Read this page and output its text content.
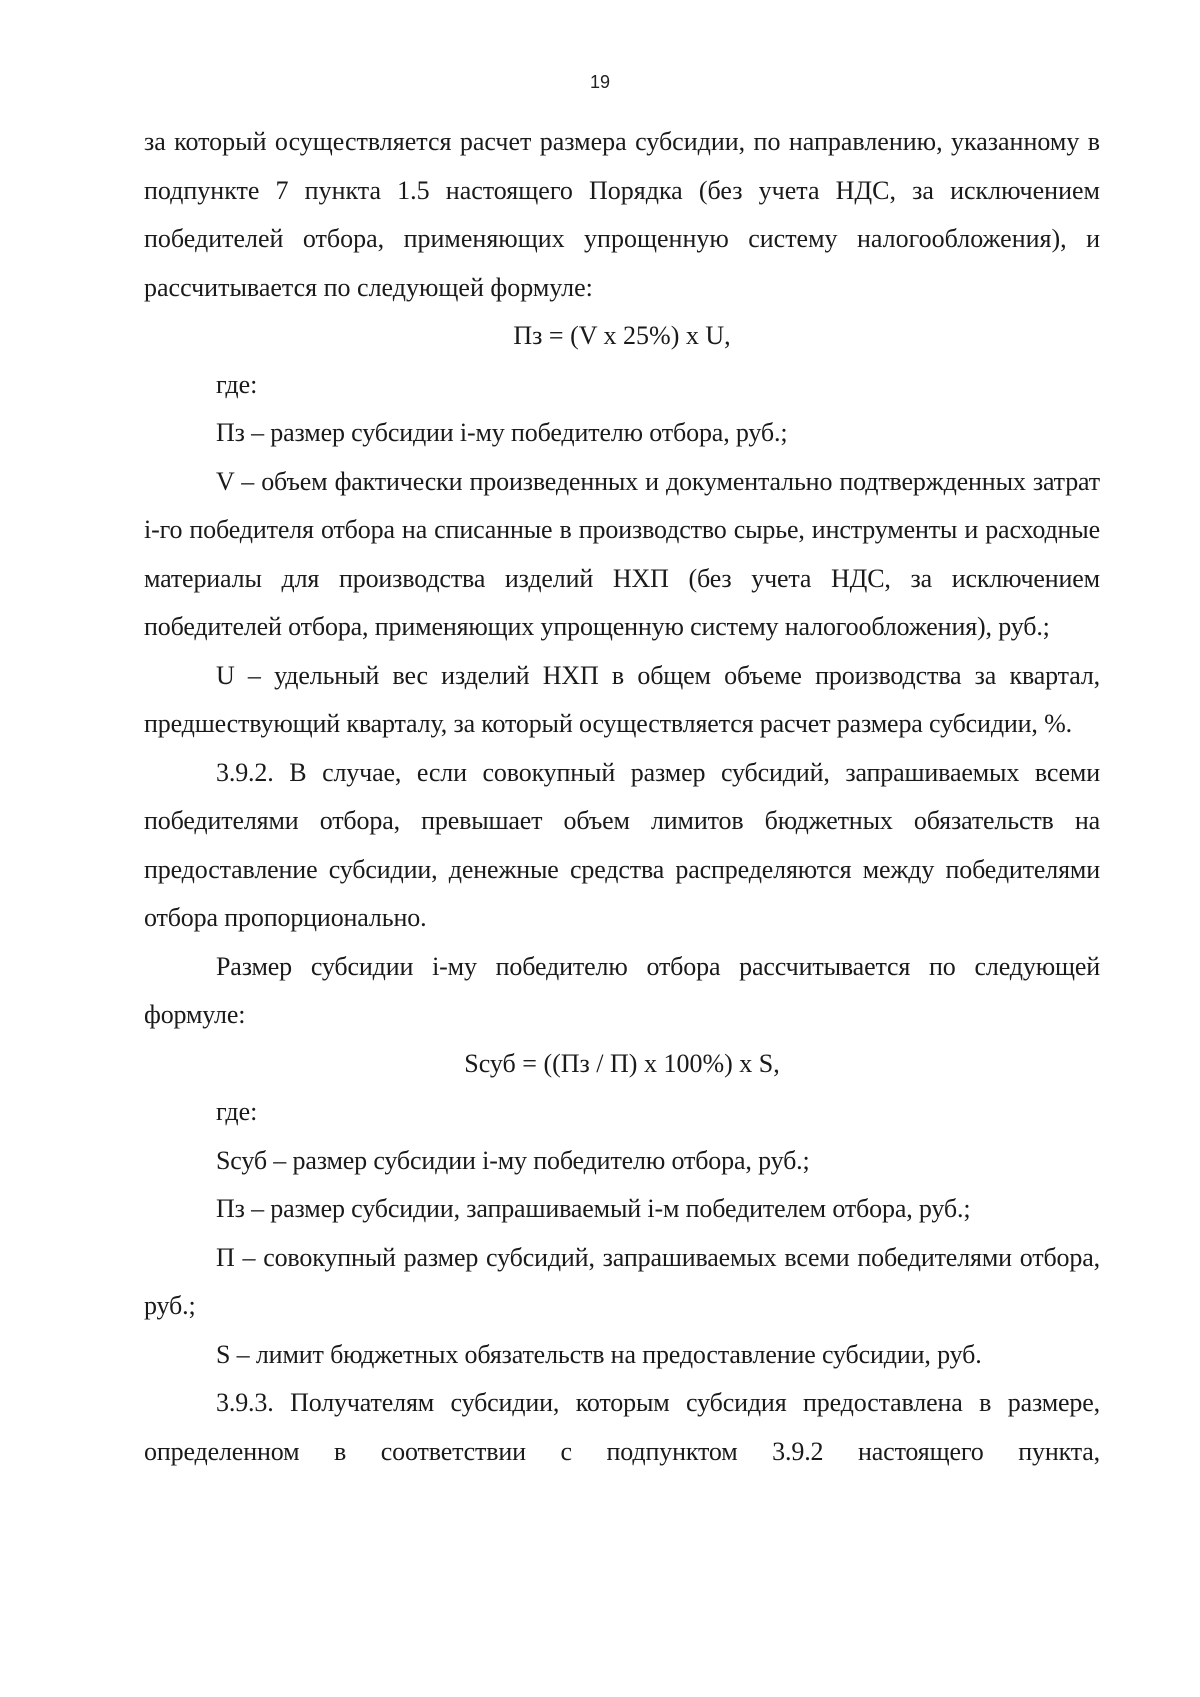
19

за который осуществляется расчет размера субсидии, по направлению, указанному в подпункте 7 пункта 1.5 настоящего Порядка (без учета НДС, за исключением победителей отбора, применяющих упрощенную систему налогообложения), и рассчитывается по следующей формуле:

Пз = (V х 25%) х U,

где:

Пз – размер субсидии i-му победителю отбора, руб.;

V – объем фактически произведенных и документально подтвержденных затрат i-го победителя отбора на списанные в производство сырье, инструменты и расходные материалы для производства изделий НХП (без учета НДС, за исключением победителей отбора, применяющих упрощенную систему налогообложения), руб.;

U – удельный вес изделий НХП в общем объеме производства за квартал, предшествующий кварталу, за который осуществляется расчет размера субсидии, %.

3.9.2. В случае, если совокупный размер субсидий, запрашиваемых всеми победителями отбора, превышает объем лимитов бюджетных обязательств на предоставление субсидии, денежные средства распределяются между победителями отбора пропорционально.

Размер субсидии i-му победителю отбора рассчитывается по следующей формуле:

Sсуб = ((Пз / П) х 100%) х S,

где:

Sсуб – размер субсидии i-му победителю отбора, руб.;

Пз – размер субсидии, запрашиваемый i-м победителем отбора, руб.;

П – совокупный размер субсидий, запрашиваемых всеми победителями отбора, руб.;

S – лимит бюджетных обязательств на предоставление субсидии, руб.

3.9.3. Получателям субсидии, которым субсидия предоставлена в размере, определенном в соответствии с подпунктом 3.9.2 настоящего пункта,
